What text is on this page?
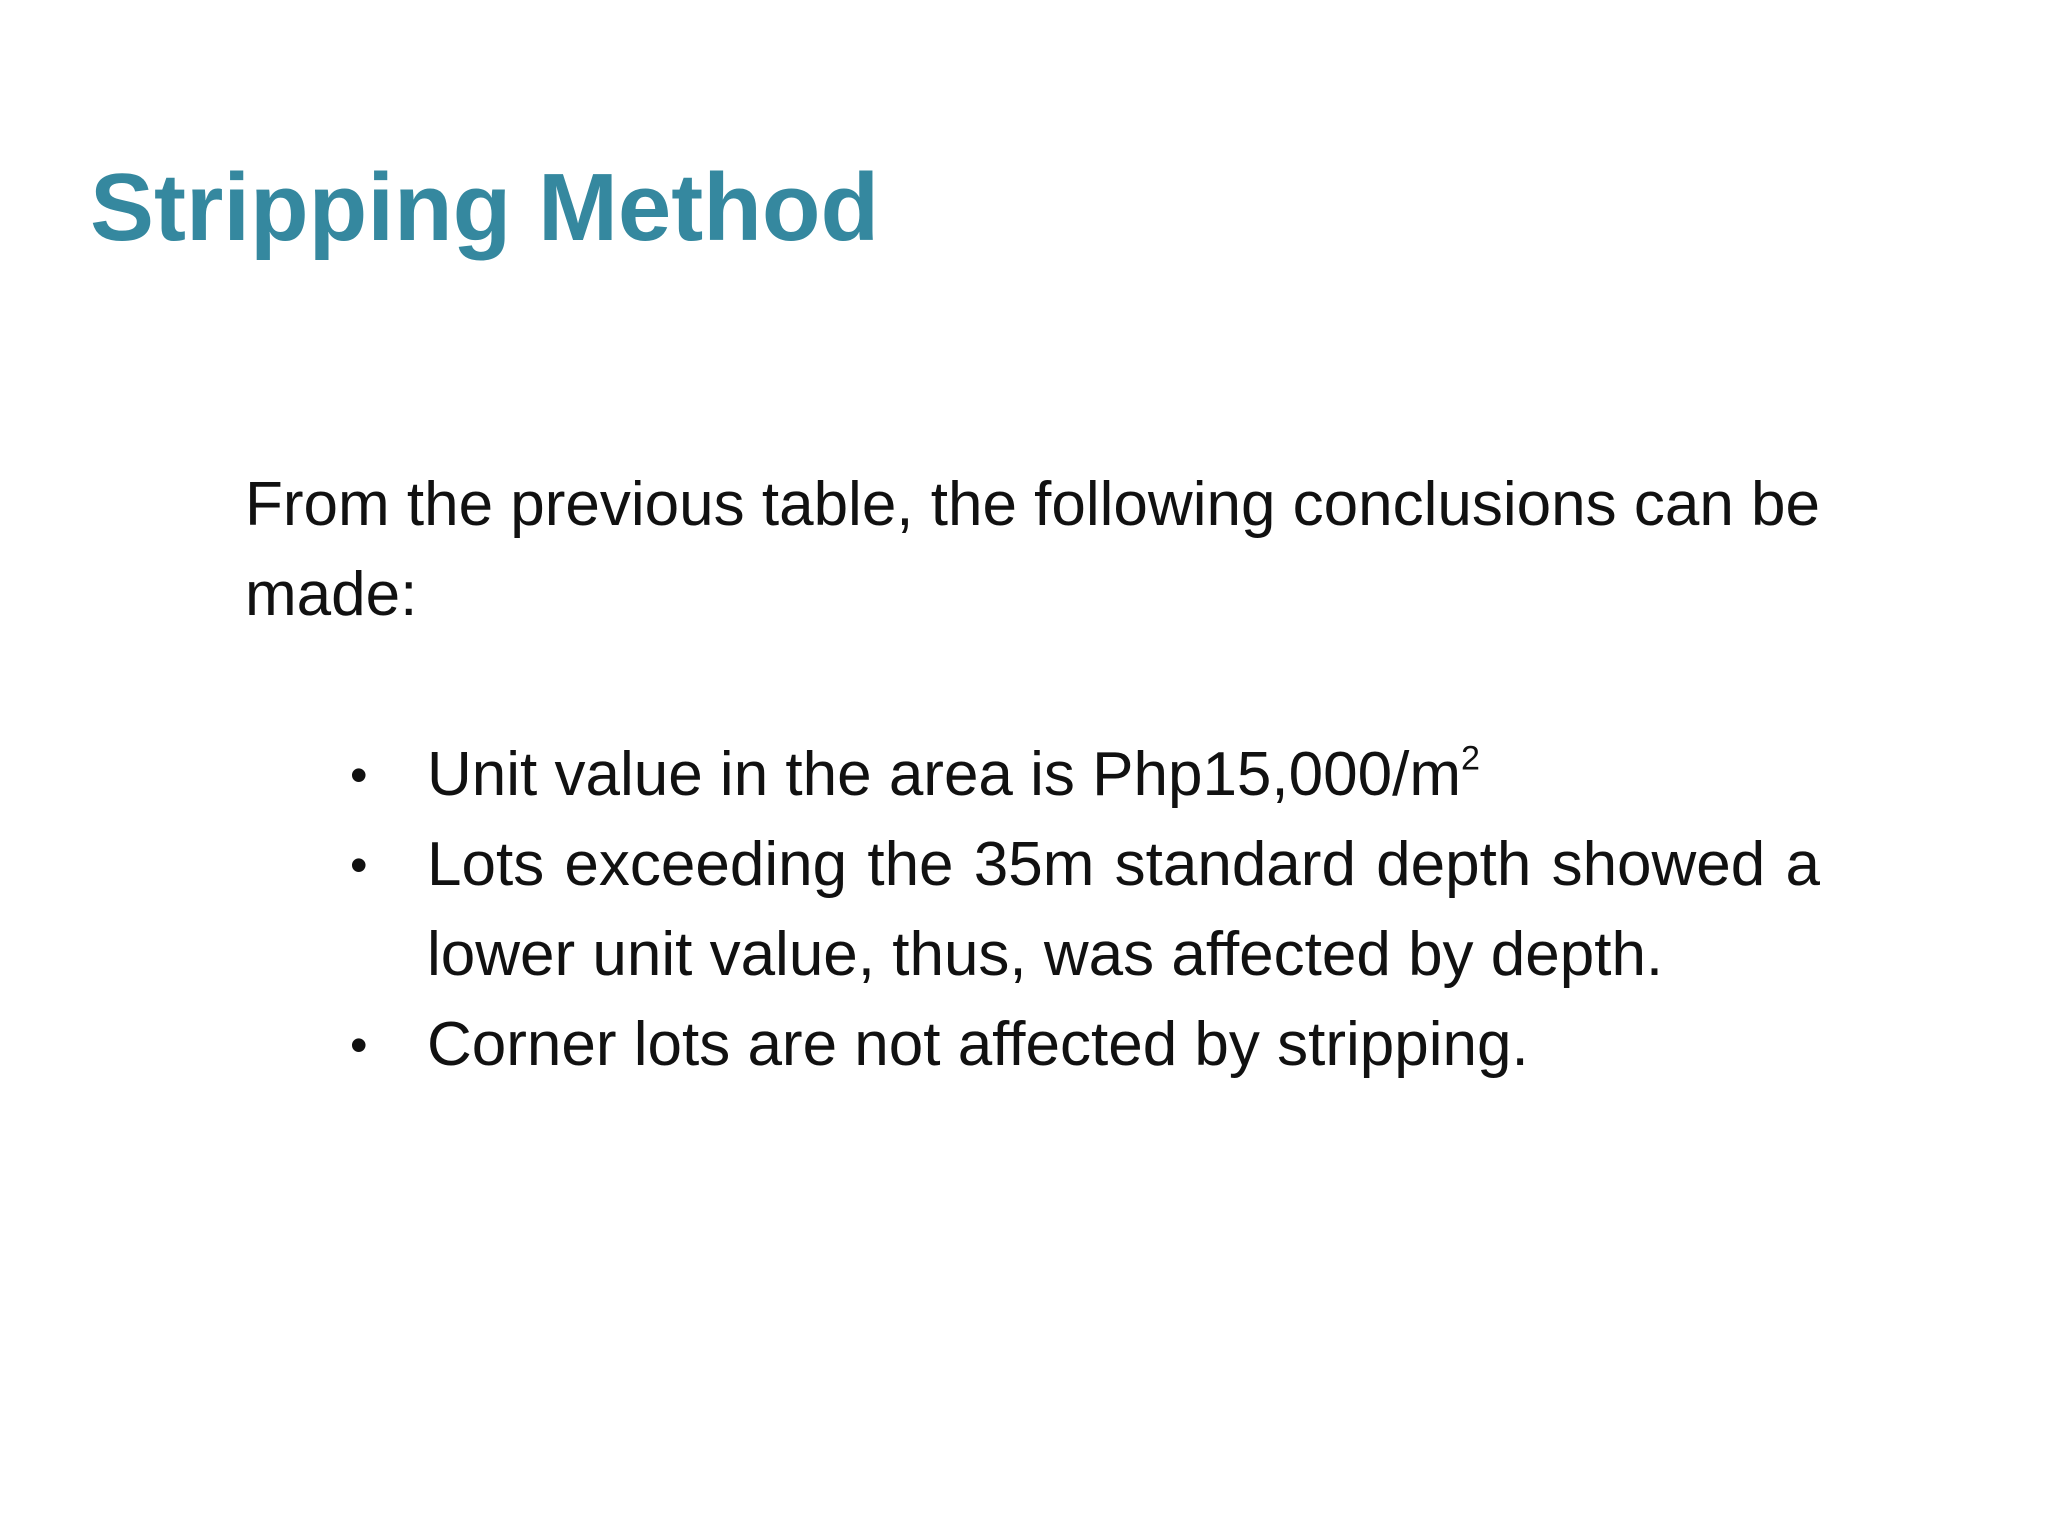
Stripping Method

From the previous table, the following conclusions can be made:

• Unit value in the area is $Php15,000/m^2$
• Lots exceeding the 35m standard depth showed a lower unit value, thus, was affected by depth.
• Corner lots are not affected by stripping.
